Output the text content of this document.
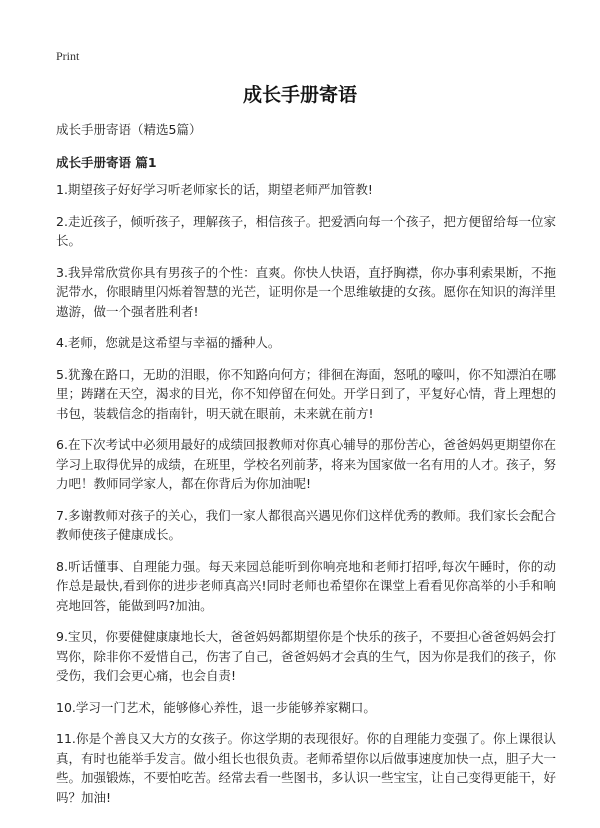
Print
成长手册寄语
成长手册寄语（精选5篇）
成长手册寄语 篇1

1.期望孩子好好学习听老师家长的话，期望老师严加管教!

2.走近孩子，倾听孩子，理解孩子，相信孩子。把爱洒向每一个孩子，把方便留给每一位家长。

3.我异常欣赏你具有男孩子的个性：直爽。你快人快语，直抒胸襟，你办事利索果断，不拖泥带水，你眼睛里闪烁着智慧的光芒，证明你是一个思维敏捷的女孩。愿你在知识的海洋里遨游，做一个强者胜利者!

4.老师，您就是这希望与幸福的播种人。

5.犹豫在路口，无助的泪眼，你不知路向何方；徘徊在海面，怒吼的嚎叫，你不知漂泊在哪里；踌躇在天空，渴求的目光，你不知停留在何处。开学日到了，平复好心情，背上理想的书包，装载信念的指南针，明天就在眼前，未来就在前方!

6.在下次考试中必须用最好的成绩回报教师对你真心辅导的那份苦心，爸爸妈妈更期望你在学习上取得优异的成绩，在班里，学校名列前茅，将来为国家做一名有用的人才。孩子，努力吧！教师同学家人，都在你背后为你加油呢!

7.多谢教师对孩子的关心，我们一家人都很高兴遇见你们这样优秀的教师。我们家长会配合教师使孩子健康成长。

8.听话懂事、自理能力强。每天来园总能听到你响亮地和老师打招呼,每次午睡时，你的动作总是最快,看到你的进步老师真高兴!同时老师也希望你在课堂上看看见你高举的小手和响亮地回答，能做到吗?加油。

9.宝贝，你要健健康康地长大，爸爸妈妈都期望你是个快乐的孩子，不要担心爸爸妈妈会打骂你，除非你不爱惜自己，伤害了自己，爸爸妈妈才会真的生气，因为你是我们的孩子，你受伤，我们会更心痛，也会自责!

10.学习一门艺术，能够修心养性，退一步能够养家糊口。

11.你是个善良又大方的女孩子。你这学期的表现很好。你的自理能力变强了。你上课很认真，有时也能举手发言。做小组长也很负责。老师希望你以后做事速度加快一点，胆子大一些。加强锻炼，不要怕吃苦。经常去看一些图书，多认识一些宝宝，让自己变得更能干，好吗？加油!
